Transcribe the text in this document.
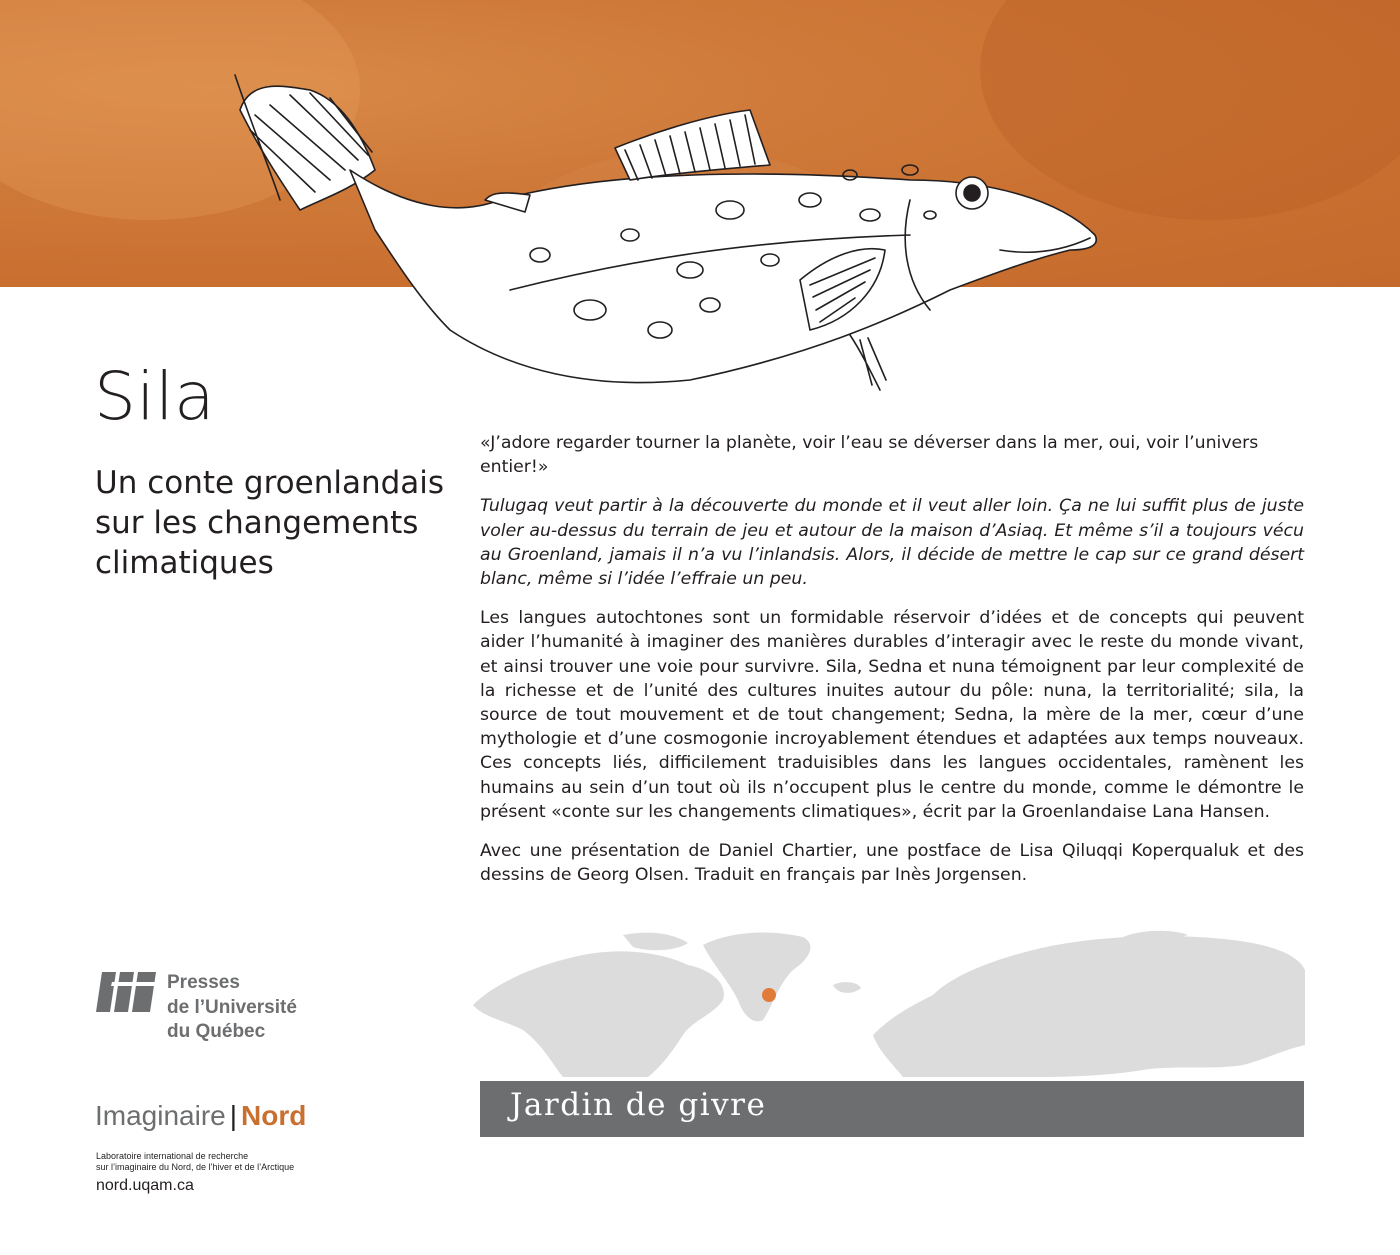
Sila
Un conte groenlandais sur les changements climatiques

«J’adore regarder tourner la planète, voir l’eau se déverser dans la mer, oui, voir l’univers entier!»

Tulugaq veut partir à la découverte du monde et il veut aller loin. Ça ne lui suffit plus de juste voler au-dessus du terrain de jeu et autour de la maison d’Asiaq. Et même s’il a toujours vécu au Groenland, jamais il n’a vu l’inlandsis. Alors, il décide de mettre le cap sur ce grand désert blanc, même si l’idée l’effraie un peu.

Les langues autochtones sont un formidable réservoir d’idées et de concepts qui peuvent aider l’humanité à imaginer des manières durables d’interagir avec le reste du monde vivant, et ainsi trouver une voie pour survivre. Sila, Sedna et nuna témoignent par leur complexité de la richesse et de l’unité des cultures inuites autour du pôle: nuna, la territorialité; sila, la source de tout mouvement et de tout changement; Sedna, la mère de la mer, cœur d’une mythologie et d’une cosmogonie incroyablement étendues et adaptées aux temps nouveaux. Ces concepts liés, difficilement traduisibles dans les langues occidentales, ramènent les humains au sein d’un tout où ils n’occupent plus le centre du monde, comme le démontre le présent «conte sur les changements climatiques», écrit par la Groenlandaise Lana Hansen.

Avec une présentation de Daniel Chartier, une postface de Lisa Qiluqqi Koperqualuk et des dessins de Georg Olsen. Traduit en français par Inès Jorgensen.

Jardin de givre
Presses
de l’Université
du Québec
Imaginaire | Nord
Laboratoire international de recherche
sur l’imaginaire du Nord, de l’hiver et de l’Arctique
nord.uqam.ca
